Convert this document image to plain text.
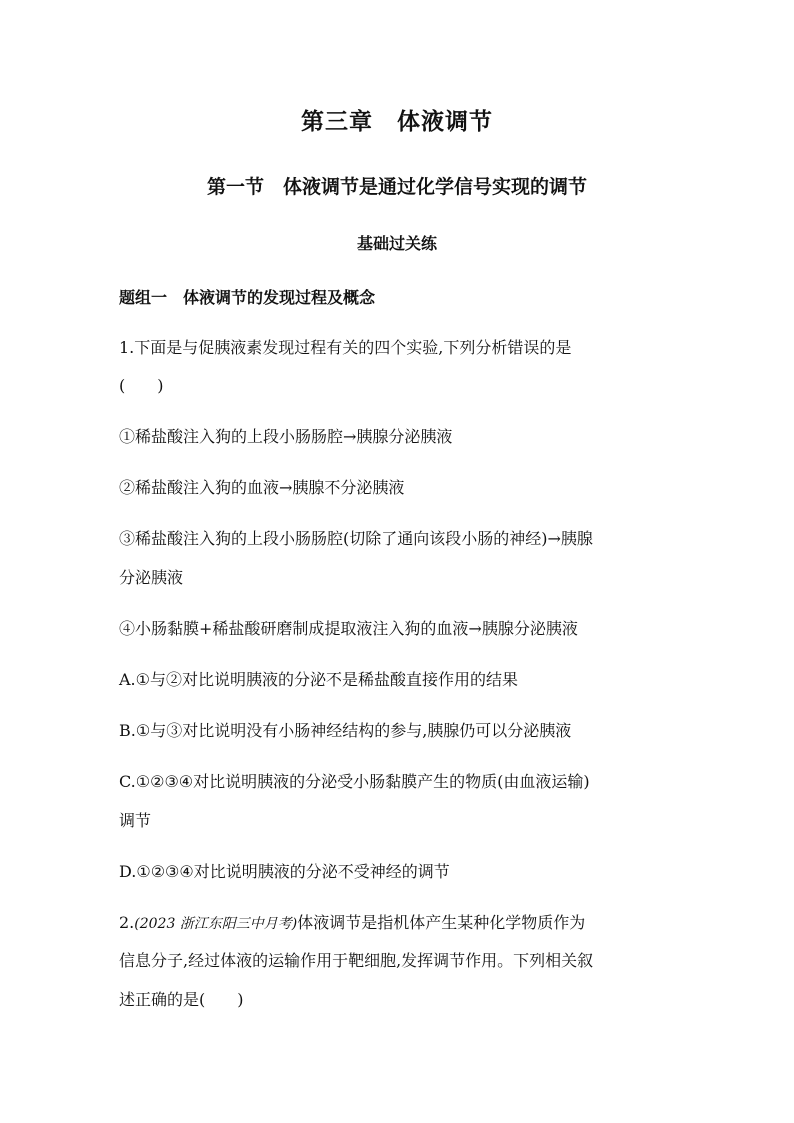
第三章　体液调节
第一节　体液调节是通过化学信号实现的调节
基础过关练
题组一　体液调节的发现过程及概念
1.下面是与促胰液素发现过程有关的四个实验,下列分析错误的是
(　　)
①稀盐酸注入狗的上段小肠肠腔→胰腺分泌胰液
②稀盐酸注入狗的血液→胰腺不分泌胰液
③稀盐酸注入狗的上段小肠肠腔(切除了通向该段小肠的神经)→胰腺
分泌胰液
④小肠黏膜+稀盐酸研磨制成提取液注入狗的血液→胰腺分泌胰液
A.①与②对比说明胰液的分泌不是稀盐酸直接作用的结果
B.①与③对比说明没有小肠神经结构的参与,胰腺仍可以分泌胰液
C.①②③④对比说明胰液的分泌受小肠黏膜产生的物质(由血液运输)
调节
D.①②③④对比说明胰液的分泌不受神经的调节
2.(2023 浙江东阳三中月考)体液调节是指机体产生某种化学物质作为
信息分子,经过体液的运输作用于靶细胞,发挥调节作用。下列相关叙
述正确的是(　　)
